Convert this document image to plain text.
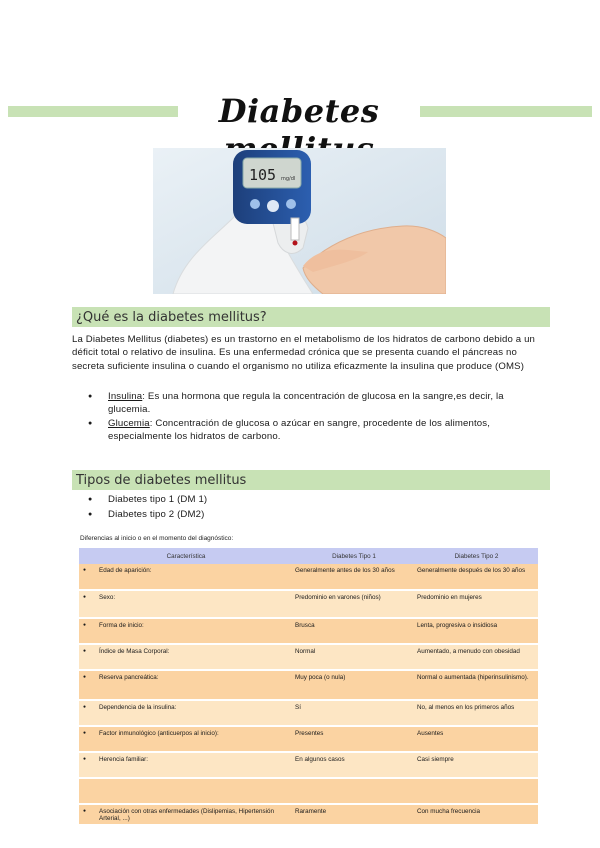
Diabetes
105 mg/dl
¿Qué es la diabetes mellitus?
La Diabetes Mellitus (diabetes) es un trastorno en el metabolismo de los hidratos de carbono debido a un déficit total o relativo de insulina. Es una enfermedad crónica que se presenta cuando el páncreas no secreta suficiente insulina o cuando el organismo no utiliza eficazmente la insulina que produce (OMS)
● Insulina: Es una hormona que regula la concentración de glucosa en la sangre,es decir, la glucemia.
● Glucemia: Concentración de glucosa o azúcar en sangre, procedente de los alimentos, especialmente los hidratos de carbono.
Tipos de diabetes mellitus
● Diabetes tipo 1 (DM 1)
● Diabetes tipo 2 (DM2)
Diferencias al inicio o en el momento del diagnóstico:
Característica		Diabetes Tipo 1	Diabetes Tipo 2
●	Edad de aparición:	Generalmente antes de los 30 años	Generalmente después de los 30 años
●	Sexo:	Predominio en varones (niños)	Predominio en mujeres
●	Forma de inicio:	Brusca	Lenta, progresiva o insidiosa
●	Índice de Masa Corporal:	Normal	Aumentado, a menudo con obesidad
●	Reserva pancreática:	Muy poca (o nula)	Normal o aumentada (hiperinsulinismo).
●	Dependencia de la insulina:	Sí	No, al menos en los primeros años
●	Factor inmunológico (anticuerpos al inicio):	Presentes	Ausentes
●	Herencia familiar:	En algunos casos	Casi siempre

●	Asociación con otras enfermedades (Dislipemias, Hipertensión Arterial, ...)	Raramente	Con mucha frecuencia
